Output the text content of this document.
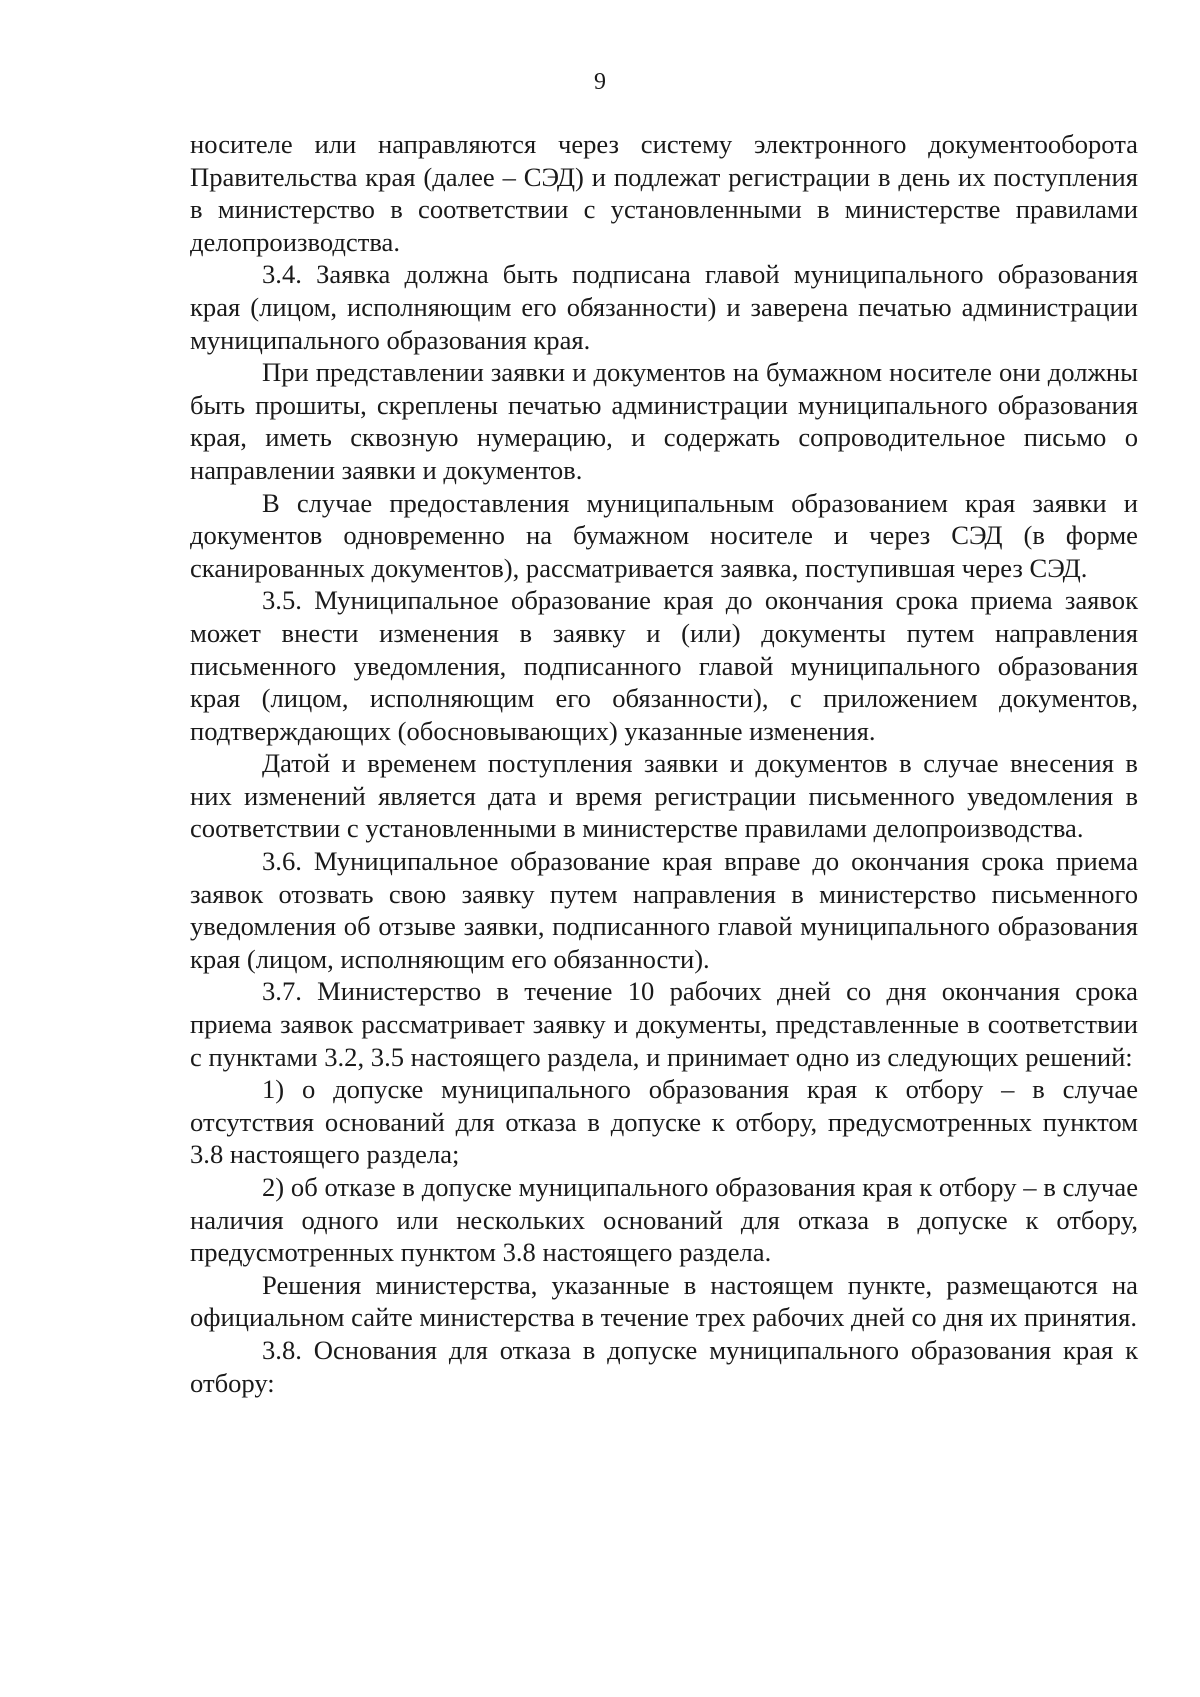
9

носителе или направляются через систему электронного документооборота Правительства края (далее – СЭД) и подлежат регистрации в день их поступления в министерство в соответствии с установленными в министерстве правилами делопроизводства.

3.4. Заявка должна быть подписана главой муниципального образования края (лицом, исполняющим его обязанности) и заверена печатью администрации муниципального образования края.

При представлении заявки и документов на бумажном носителе они должны быть прошиты, скреплены печатью администрации муниципального образования края, иметь сквозную нумерацию, и содержать сопроводительное письмо о направлении заявки и документов.

В случае предоставления муниципальным образованием края заявки и документов одновременно на бумажном носителе и через СЭД (в форме сканированных документов), рассматривается заявка, поступившая через СЭД.

3.5. Муниципальное образование края до окончания срока приема заявок может внести изменения в заявку и (или) документы путем направления письменного уведомления, подписанного главой муниципального образования края (лицом, исполняющим его обязанности), с приложением документов, подтверждающих (обосновывающих) указанные изменения.

Датой и временем поступления заявки и документов в случае внесения в них изменений является дата и время регистрации письменного уведомления в соответствии с установленными в министерстве правилами делопроизводства.

3.6. Муниципальное образование края вправе до окончания срока приема заявок отозвать свою заявку путем направления в министерство письменного уведомления об отзыве заявки, подписанного главой муниципального образования края (лицом, исполняющим его обязанности).

3.7. Министерство в течение 10 рабочих дней со дня окончания срока приема заявок рассматривает заявку и документы, представленные в соответствии с пунктами 3.2, 3.5 настоящего раздела, и принимает одно из следующих решений:

1) о допуске муниципального образования края к отбору – в случае отсутствия оснований для отказа в допуске к отбору, предусмотренных пунктом 3.8 настоящего раздела;

2) об отказе в допуске муниципального образования края к отбору – в случае наличия одного или нескольких оснований для отказа в допуске к отбору, предусмотренных пунктом 3.8 настоящего раздела.

Решения министерства, указанные в настоящем пункте, размещаются на официальном сайте министерства в течение трех рабочих дней со дня их принятия.

3.8. Основания для отказа в допуске муниципального образования края к отбору:
